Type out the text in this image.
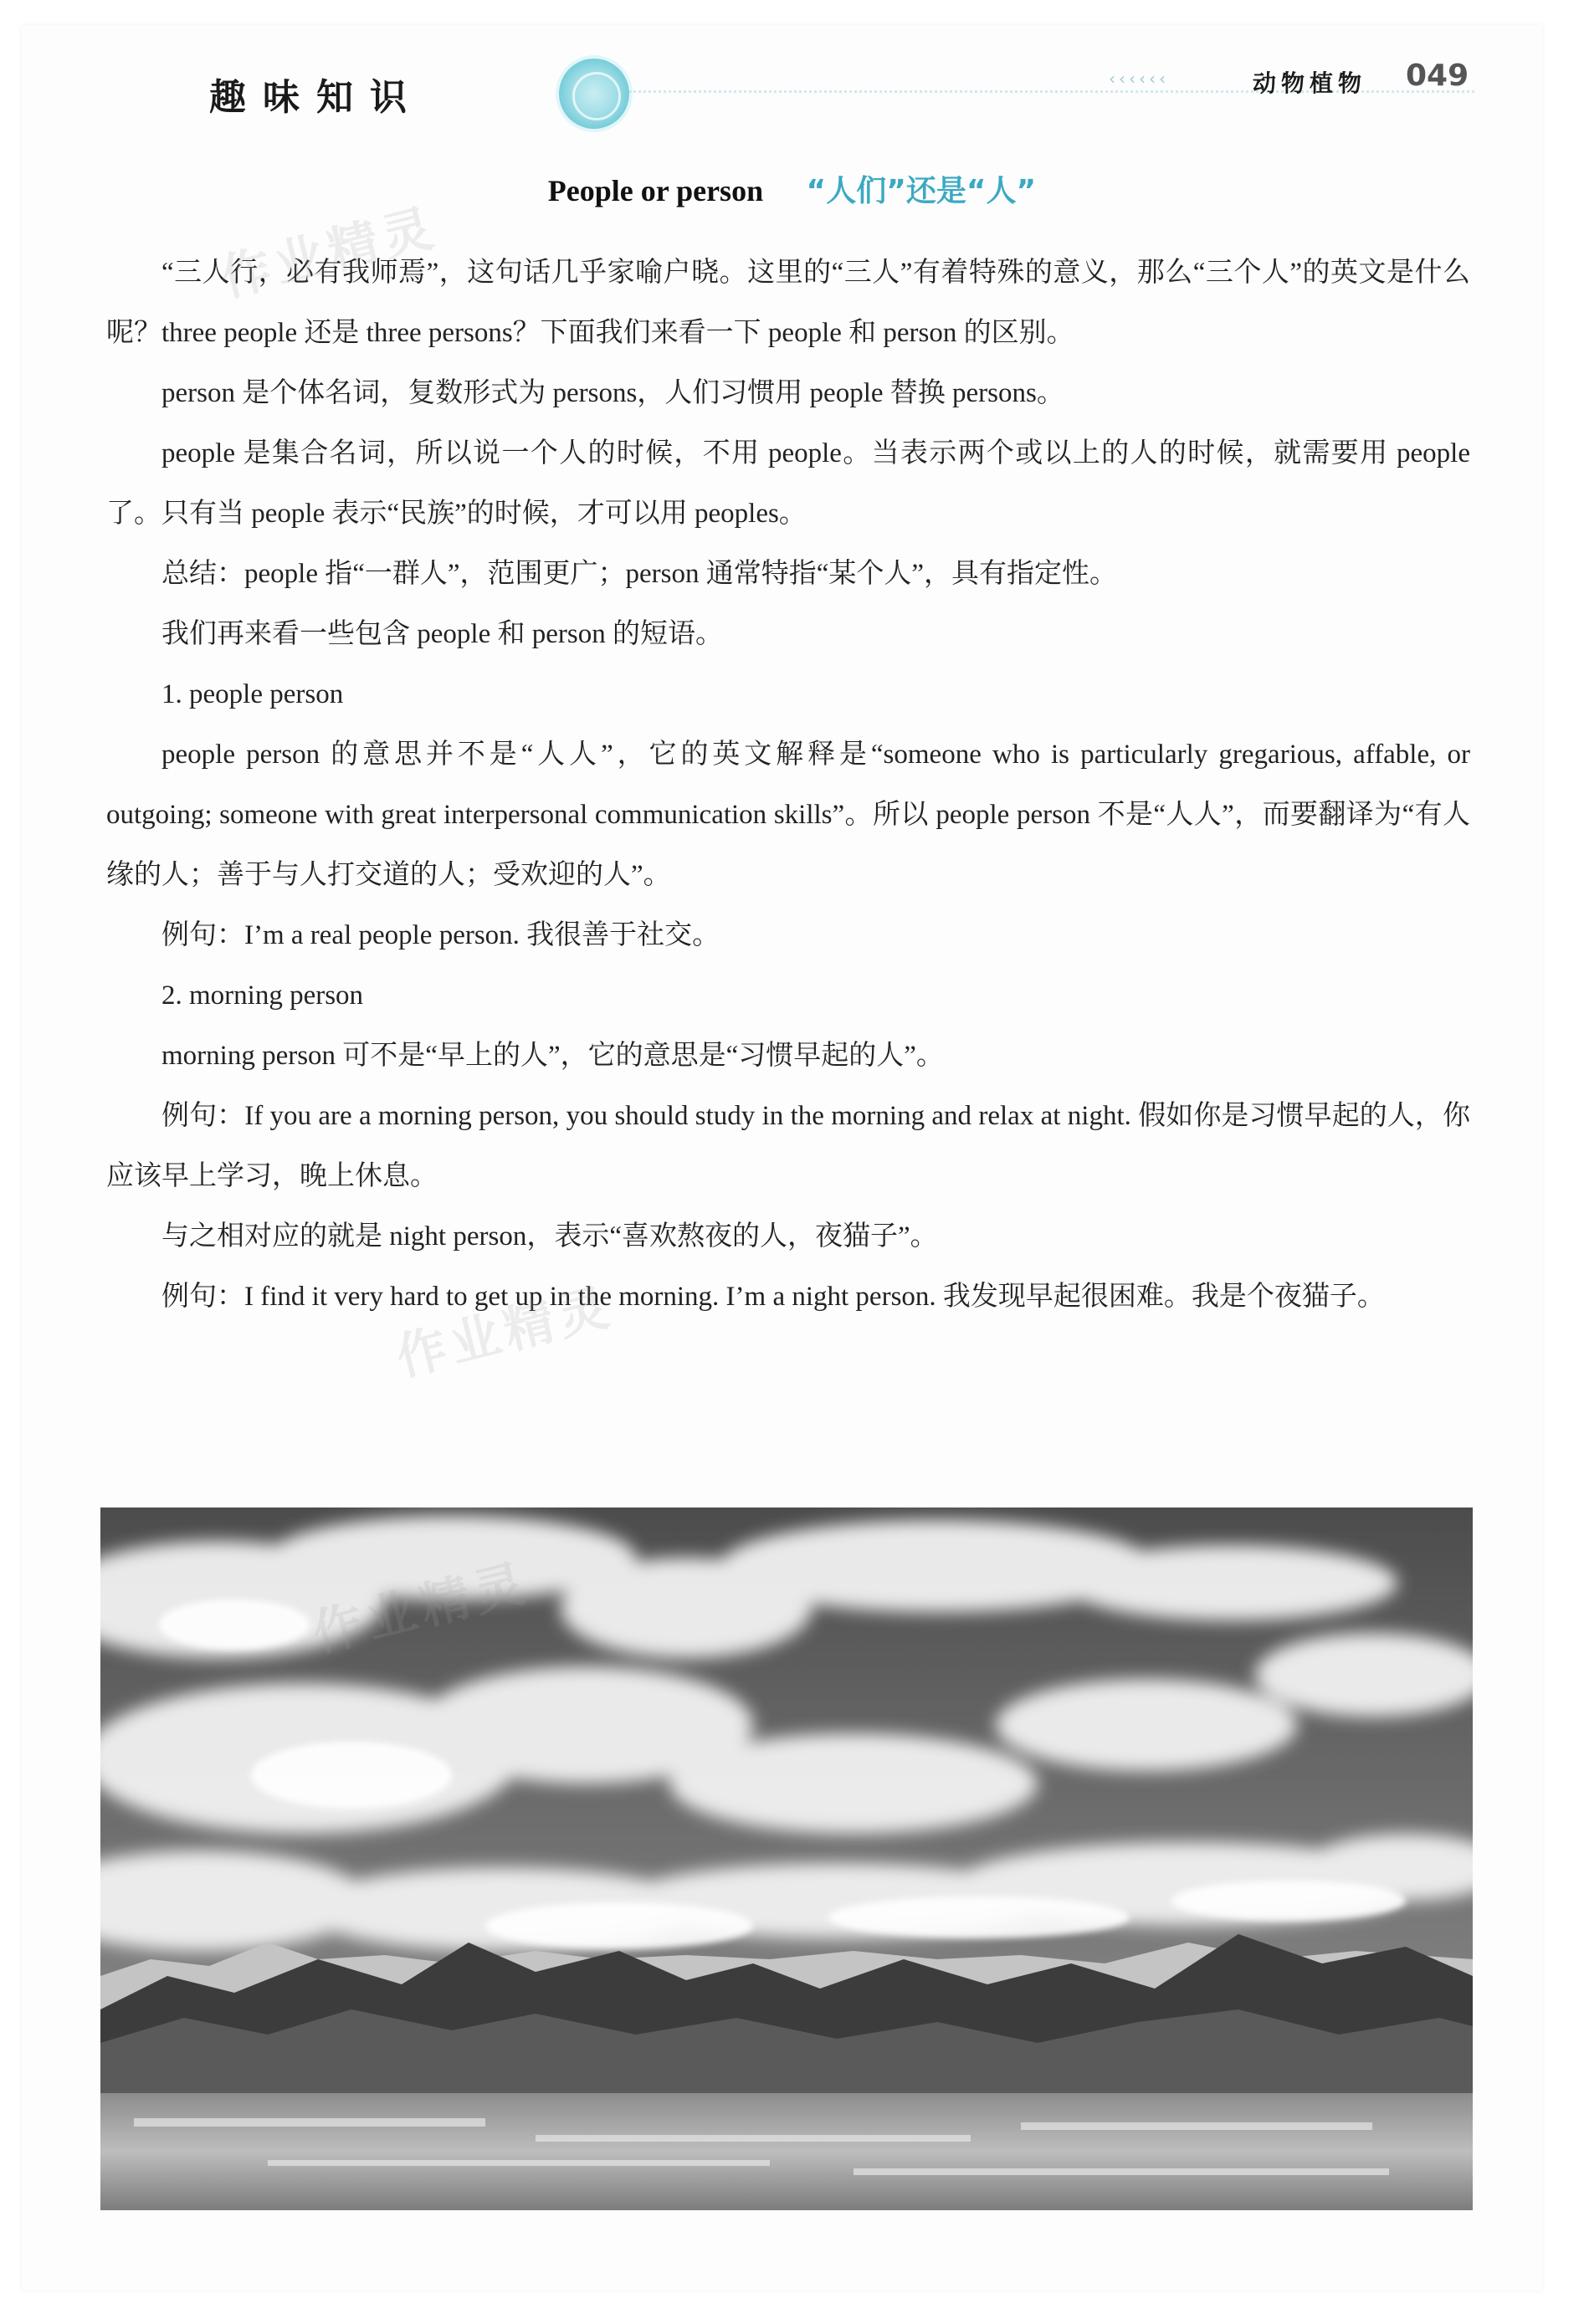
趣味知识	‹‹‹‹‹‹	动物植物 049
People or person “人们”还是“人”

“三人行，必有我师焉”，这句话几乎家喻户晓。这里的“三人”有着特殊的意义，那么“三个人”的英文是什么呢？three people 还是 three persons？下面我们来看一下 people 和 person 的区别。

person 是个体名词，复数形式为 persons，人们习惯用 people 替换 persons。

people 是集合名词，所以说一个人的时候，不用 people。当表示两个或以上的人的时候，就需要用 people 了。只有当 people 表示“民族”的时候，才可以用 peoples。

总结：people 指“一群人”，范围更广；person 通常特指“某个人”，具有指定性。

我们再来看一些包含 people 和 person 的短语。

1. people person

people person 的意思并不是“人人”，它的英文解释是“someone who is particularly gregarious, affable, or outgoing; someone with great interpersonal communication skills”。所以 people person 不是“人人”，而要翻译为“有人缘的人；善于与人打交道的人；受欢迎的人”。

例句：I’m a real people person. 我很善于社交。

2. morning person

morning person 可不是“早上的人”，它的意思是“习惯早起的人”。

例句：If you are a morning person, you should study in the morning and relax at night. 假如你是习惯早起的人，你应该早上学习，晚上休息。

与之相对应的就是 night person，表示“喜欢熬夜的人，夜猫子”。

例句：I find it very hard to get up in the morning. I’m a night person. 我发现早起很困难。我是个夜猫子。
